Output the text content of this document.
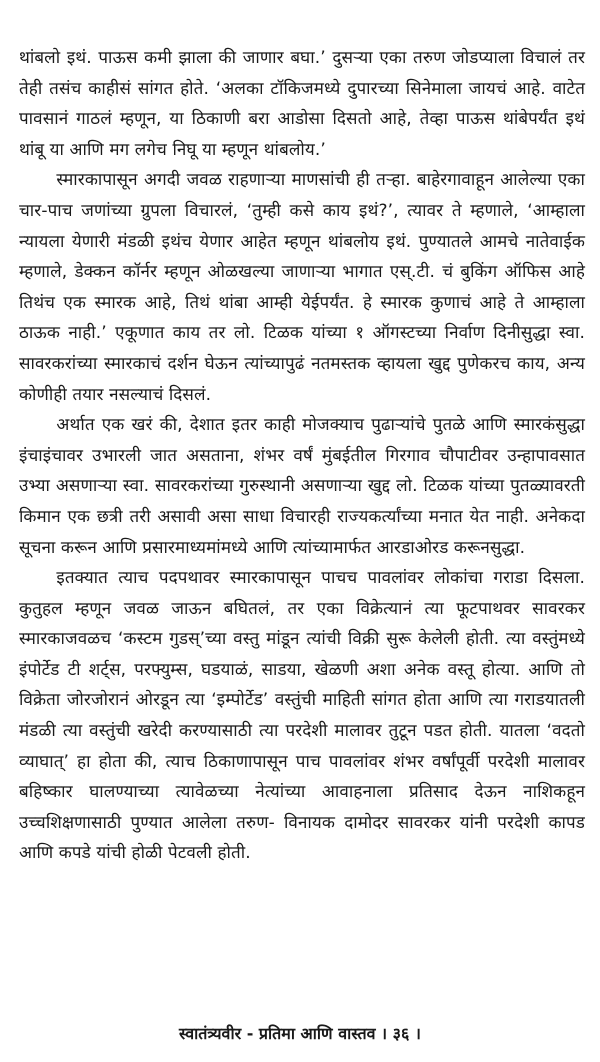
थांबलो इथं. पाऊस कमी झाला की जाणार बघा.’ दुसऱ्या एका तरुण जोडप्याला विचालं तर तेही तसंच काहीसं सांगत होते. ‘अलका टॉकिजमध्ये दुपारच्या सिनेमाला जायचं आहे. वाटेत पावसानं गाठलं म्हणून, या ठिकाणी बरा आडोसा दिसतो आहे, तेव्हा पाऊस थांबेपर्यंत इथं थांबू या आणि मग लगेच निघू या म्हणून थांबलोय.’

स्मारकापासून अगदी जवळ राहणाऱ्या माणसांची ही तऱ्हा. बाहेरगावाहून आलेल्या एका चार-पाच जणांच्या ग्रुपला विचारलं, ‘तुम्ही कसे काय इथं?’, त्यावर ते म्हणाले, ‘आम्हाला न्यायला येणारी मंडळी इथंच येणार आहेत म्हणून थांबलोय इथं. पुण्यातले आमचे नातेवाईक म्हणाले, डेक्कन कॉर्नर म्हणून ओळखल्या जाणाऱ्या भागात एस्.टी. चं बुकिंग ऑफिस आहे तिथंच एक स्मारक आहे, तिथं थांबा आम्ही येईपर्यंत. हे स्मारक कुणाचं आहे ते आम्हाला ठाऊक नाही.’ एकूणात काय तर लो. टिळक यांच्या १ ऑगस्टच्या निर्वाण दिनीसुद्धा स्वा. सावरकरांच्या स्मारकाचं दर्शन घेऊन त्यांच्यापुढं नतमस्तक व्हायला खुद्द पुणेकरच काय, अन्य कोणीही तयार नसल्याचं दिसलं.

अर्थात एक खरं की, देशात इतर काही मोजक्याच पुढाऱ्यांचे पुतळे आणि स्मारकंसुद्धा इंचाइंचावर उभारली जात असताना, शंभर वर्षं मुंबईतील गिरगाव चौपाटीवर उन्हापावसात उभ्या असणाऱ्या स्वा. सावरकरांच्या गुरुस्थानी असणाऱ्या खुद्द लो. टिळक यांच्या पुतळ्यावरती किमान एक छत्री तरी असावी असा साधा विचारही राज्यकर्त्यांच्या मनात येत नाही. अनेकदा सूचना करून आणि प्रसारमाध्यमांमध्ये आणि त्यांच्यामार्फत आरडाओरड करूनसुद्धा.

इतक्यात त्याच पदपथावर स्मारकापासून पाचच पावलांवर लोकांचा गराडा दिसला. कुतुहल म्हणून जवळ जाऊन बघितलं, तर एका विक्रेत्यानं त्या फूटपाथवर सावरकर स्मारकाजवळच ‘कस्टम गुडस्’च्या वस्तु मांडून त्यांची विक्री सुरू केलेली होती. त्या वस्तुंमध्ये इंपोर्टेड टी शर्ट्स, परफ्युम्स, घडयाळं, साडया, खेळणी अशा अनेक वस्तू होत्या. आणि तो विक्रेता जोरजोरानं ओरडून त्या ‘इम्पोर्टेड’ वस्तुंची माहिती सांगत होता आणि त्या गराडयातली मंडळी त्या वस्तुंची खरेदी करण्यासाठी त्या परदेशी मालावर तुटून पडत होती. यातला ‘वदतो व्याघात्’ हा होता की, त्याच ठिकाणापासून पाच पावलांवर शंभर वर्षांपूर्वी परदेशी मालावर बहिष्कार घालण्याच्या त्यावेळच्या नेत्यांच्या आवाहनाला प्रतिसाद देऊन नाशिकहून उच्चशिक्षणासाठी पुण्यात आलेला तरुण- विनायक दामोदर सावरकर यांनी परदेशी कापड आणि कपडे यांची होळी पेटवली होती.

स्वातंत्र्यवीर - प्रतिमा आणि वास्तव । ३६ ।
